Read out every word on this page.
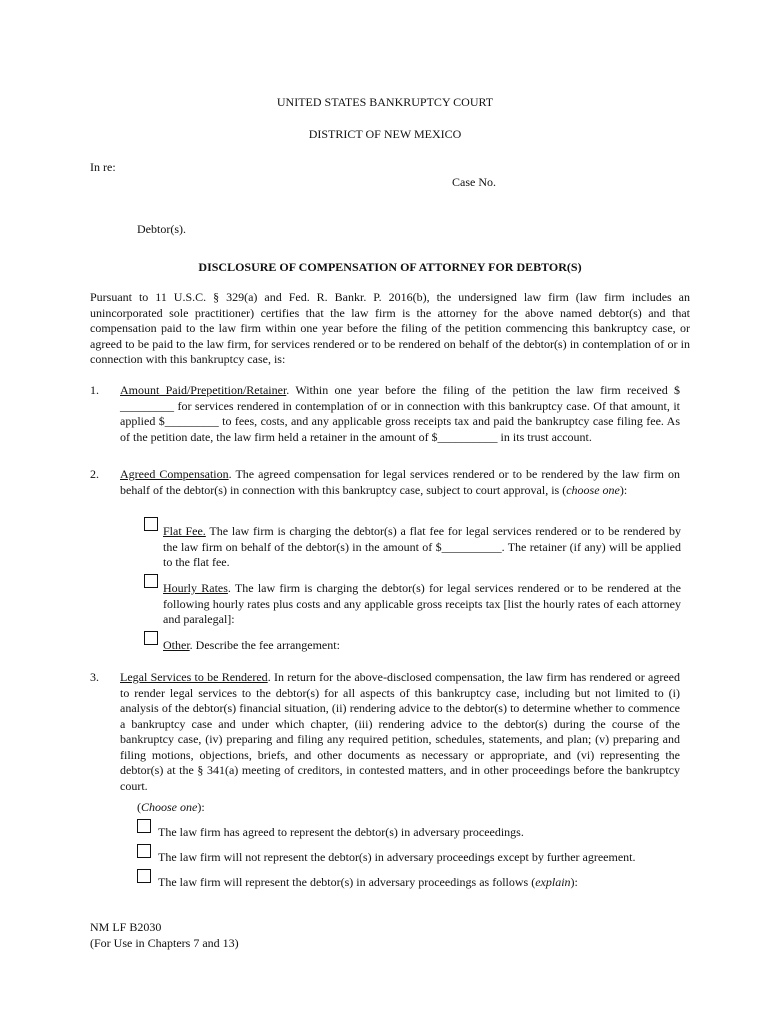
UNITED STATES BANKRUPTCY COURT
DISTRICT OF NEW MEXICO
In re:
Case No.
Debtor(s).
DISCLOSURE OF COMPENSATION OF ATTORNEY FOR DEBTOR(S)
Pursuant to 11 U.S.C. § 329(a) and Fed. R. Bankr. P. 2016(b), the undersigned law firm (law firm includes an unincorporated sole practitioner) certifies that the law firm is the attorney for the above named debtor(s) and that compensation paid to the law firm within one year before the filing of the petition commencing this bankruptcy case, or agreed to be paid to the law firm, for services rendered or to be rendered on behalf of the debtor(s) in contemplation of or in connection with this bankruptcy case, is:
1. Amount Paid/Prepetition/Retainer. Within one year before the filing of the petition the law firm received $ _________ for services rendered in contemplation of or in connection with this bankruptcy case. Of that amount, it applied $_________ to fees, costs, and any applicable gross receipts tax and paid the bankruptcy case filing fee. As of the petition date, the law firm held a retainer in the amount of $__________ in its trust account.
2. Agreed Compensation. The agreed compensation for legal services rendered or to be rendered by the law firm on behalf of the debtor(s) in connection with this bankruptcy case, subject to court approval, is (choose one):
Flat Fee. The law firm is charging the debtor(s) a flat fee for legal services rendered or to be rendered by the law firm on behalf of the debtor(s) in the amount of $__________. The retainer (if any) will be applied to the flat fee.
Hourly Rates. The law firm is charging the debtor(s) for legal services rendered or to be rendered at the following hourly rates plus costs and any applicable gross receipts tax [list the hourly rates of each attorney and paralegal]:
Other. Describe the fee arrangement:
3. Legal Services to be Rendered. In return for the above-disclosed compensation, the law firm has rendered or agreed to render legal services to the debtor(s) for all aspects of this bankruptcy case, including but not limited to (i) analysis of the debtor(s) financial situation, (ii) rendering advice to the debtor(s) to determine whether to commence a bankruptcy case and under which chapter, (iii) rendering advice to the debtor(s) during the course of the bankruptcy case, (iv) preparing and filing any required petition, schedules, statements, and plan; (v) preparing and filing motions, objections, briefs, and other documents as necessary or appropriate, and (vi) representing the debtor(s) at the § 341(a) meeting of creditors, in contested matters, and in other proceedings before the bankruptcy court.
(Choose one):
The law firm has agreed to represent the debtor(s) in adversary proceedings.
The law firm will not represent the debtor(s) in adversary proceedings except by further agreement.
The law firm will represent the debtor(s) in adversary proceedings as follows (explain):
NM LF B2030
(For Use in Chapters 7 and 13)
